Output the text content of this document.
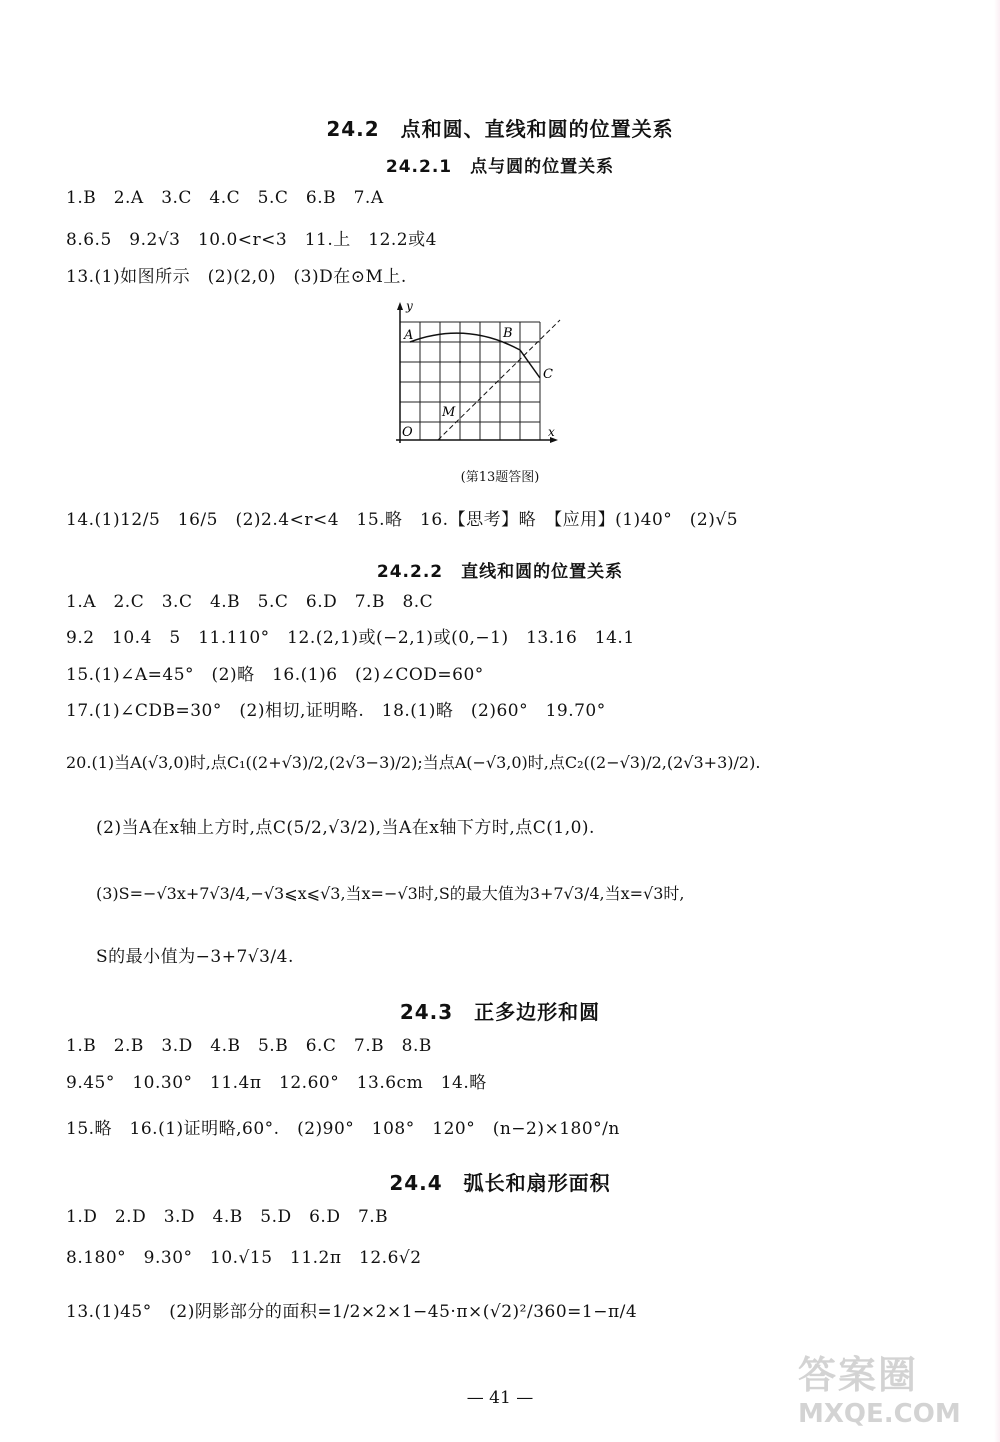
24.2　点和圆、直线和圆的位置关系
24.2.1　点与圆的位置关系
1.B　2.A　3.C　4.C　5.C　6.B　7.A
8.6.5　9.2√3　10.0<r<3　11.上　12.2或4
13.(1)如图所示　(2)(2,0)　(3)D在⊙M上.
y
x
O
A	B
C
M
(第13题答图)
14.(1)12/5　16/5　(2)2.4<r<4　15.略　16.【思考】略　【应用】(1)40°　(2)√5
24.2.2　直线和圆的位置关系
1.A　2.C　3.C　4.B　5.C　6.D　7.B　8.C
9.2　10.4　5　11.110°　12.(2,1)或(−2,1)或(0,−1)　13.16　14.1
15.(1)∠A=45°　(2)略　16.(1)6　(2)∠COD=60°
17.(1)∠CDB=30°　(2)相切,证明略.　18.(1)略　(2)60°　19.70°
20.(1)当A(√3,0)时,点C₁((2+√3)/2,(2√3−3)/2);当点A(−√3,0)时,点C₂((2−√3)/2,(2√3+3)/2).
(2)当A在x轴上方时,点C(5/2,√3/2),当A在x轴下方时,点C(1,0).
(3)S=−√3x+7√3/4,−√3⩽x⩽√3,当x=−√3时,S的最大值为3+7√3/4,当x=√3时,
S的最小值为−3+7√3/4.
24.3　正多边形和圆
1.B　2.B　3.D　4.B　5.B　6.C　7.B　8.B
9.45°　10.30°　11.4π　12.60°　13.6cm　14.略
15.略　16.(1)证明略,60°.　(2)90°　108°　120°　(n−2)×180°/n
24.4　弧长和扇形面积
1.D　2.D　3.D　4.B　5.D　6.D　7.B
8.180°　9.30°　10.√15　11.2π　12.6√2
13.(1)45°　(2)阴影部分的面积=1/2×2×1−45·π×(√2)²/360=1−π/4
— 41 —
答案圈
MXQE.COM
